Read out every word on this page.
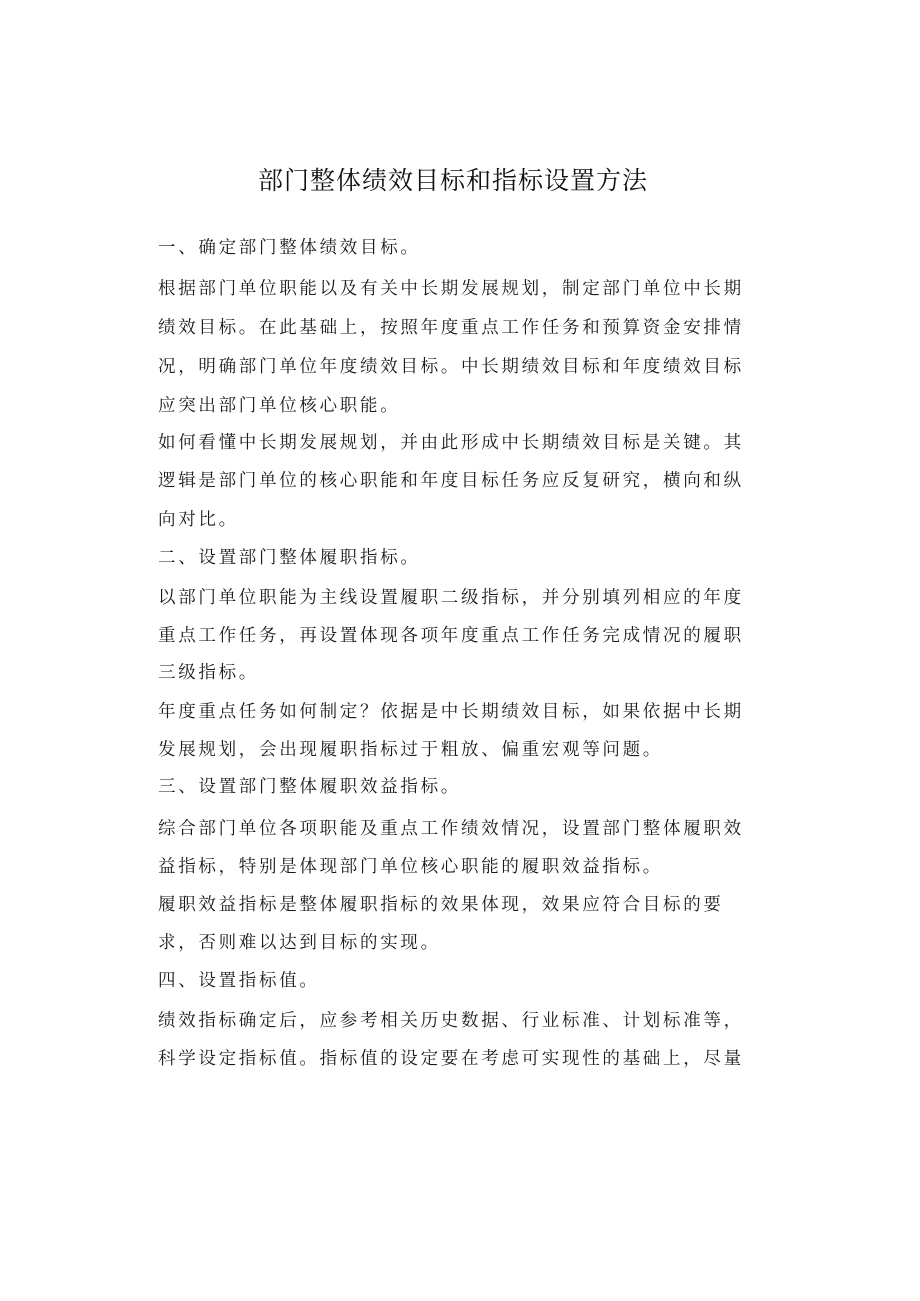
部门整体绩效目标和指标设置方法
一、确定部门整体绩效目标。
根据部门单位职能以及有关中长期发展规划，制定部门单位中长期
绩效目标。在此基础上，按照年度重点工作任务和预算资金安排情
况，明确部门单位年度绩效目标。中长期绩效目标和年度绩效目标
应突出部门单位核心职能。
如何看懂中长期发展规划，并由此形成中长期绩效目标是关键。其
逻辑是部门单位的核心职能和年度目标任务应反复研究，横向和纵
向对比。
二、设置部门整体履职指标。
以部门单位职能为主线设置履职二级指标，并分别填列相应的年度
重点工作任务，再设置体现各项年度重点工作任务完成情况的履职
三级指标。
年度重点任务如何制定？依据是中长期绩效目标，如果依据中长期
发展规划，会出现履职指标过于粗放、偏重宏观等问题。
三、设置部门整体履职效益指标。
综合部门单位各项职能及重点工作绩效情况，设置部门整体履职效
益指标，特别是体现部门单位核心职能的履职效益指标。
履职效益指标是整体履职指标的效果体现，效果应符合目标的要
求，否则难以达到目标的实现。
四、设置指标值。
绩效指标确定后，应参考相关历史数据、行业标准、计划标准等，
科学设定指标值。指标值的设定要在考虑可实现性的基础上，尽量
